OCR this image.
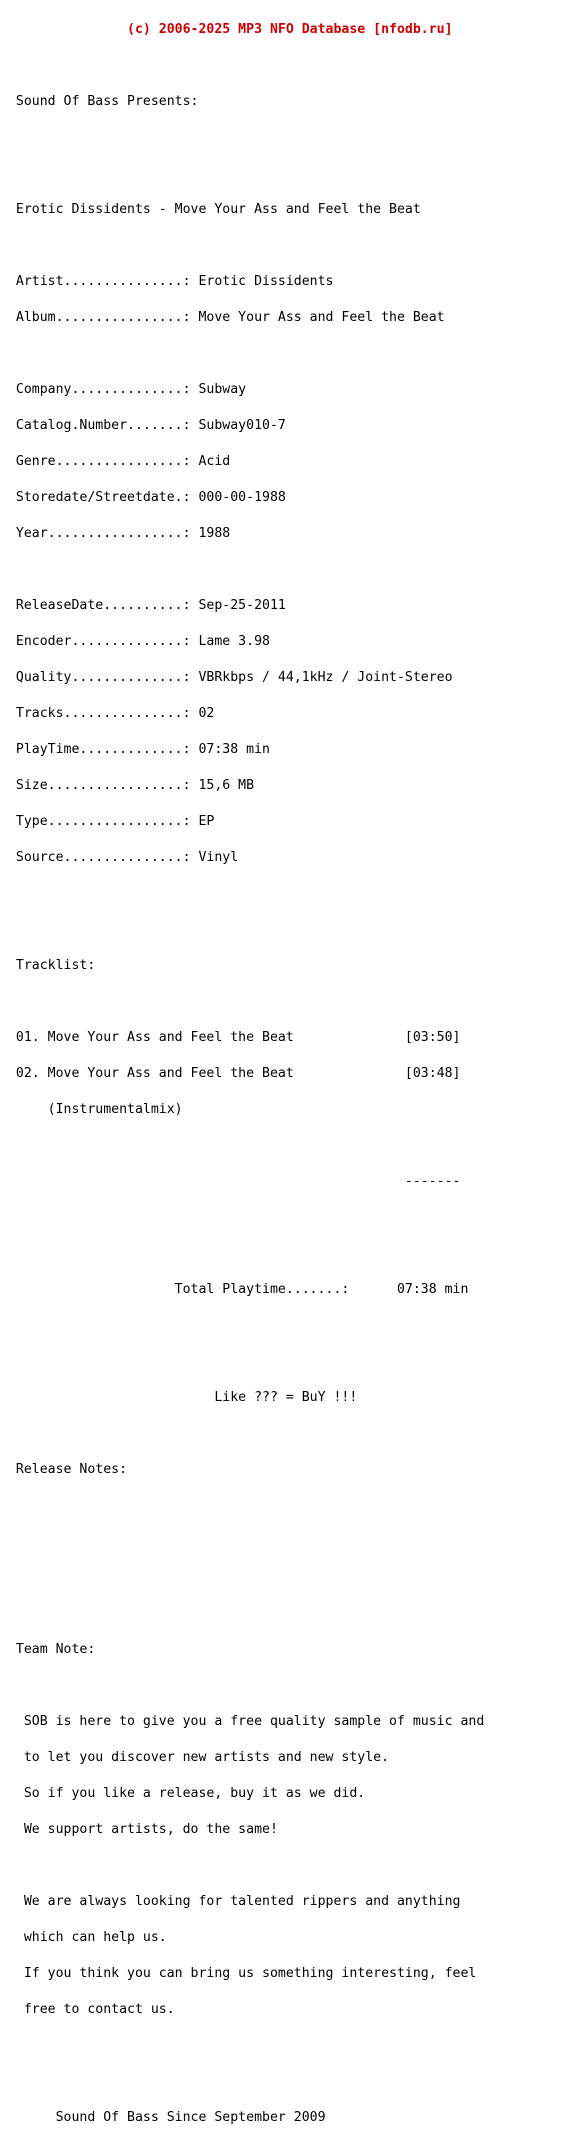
(c) 2006-2025 MP3 NFO Database [nfodb.ru]

Sound Of Bass Presents:

Erotic Dissidents - Move Your Ass and Feel the Beat

Artist...............: Erotic Dissidents

Album................: Move Your Ass and Feel the Beat

Company..............: Subway

Catalog.Number.......: Subway010-7

Genre................: Acid

Storedate/Streetdate.: 000-00-1988

Year.................: 1988

ReleaseDate..........: Sep-25-2011

Encoder..............: Lame 3.98

Quality..............: VBRkbps / 44,1kHz / Joint-Stereo

Tracks...............: 02

PlayTime.............: 07:38 min

Size.................: 15,6 MB

Type.................: EP

Source...............: Vinyl

Tracklist:

01. Move Your Ass and Feel the Beat              [03:50]

02. Move Your Ass and Feel the Beat              [03:48]

(Instrumentalmix)

-------

Total Playtime.......:      07:38 min

Like ??? = BuY !!!

Release Notes:

Team Note:

SOB is here to give you a free quality sample of music and

to let you discover new artists and new style.

So if you like a release, buy it as we did.

We support artists, do the same!

We are always looking for talented rippers and anything

which can help us.

If you think you can bring us something interesting, feel

free to contact us.

Sound Of Bass Since September 2009
